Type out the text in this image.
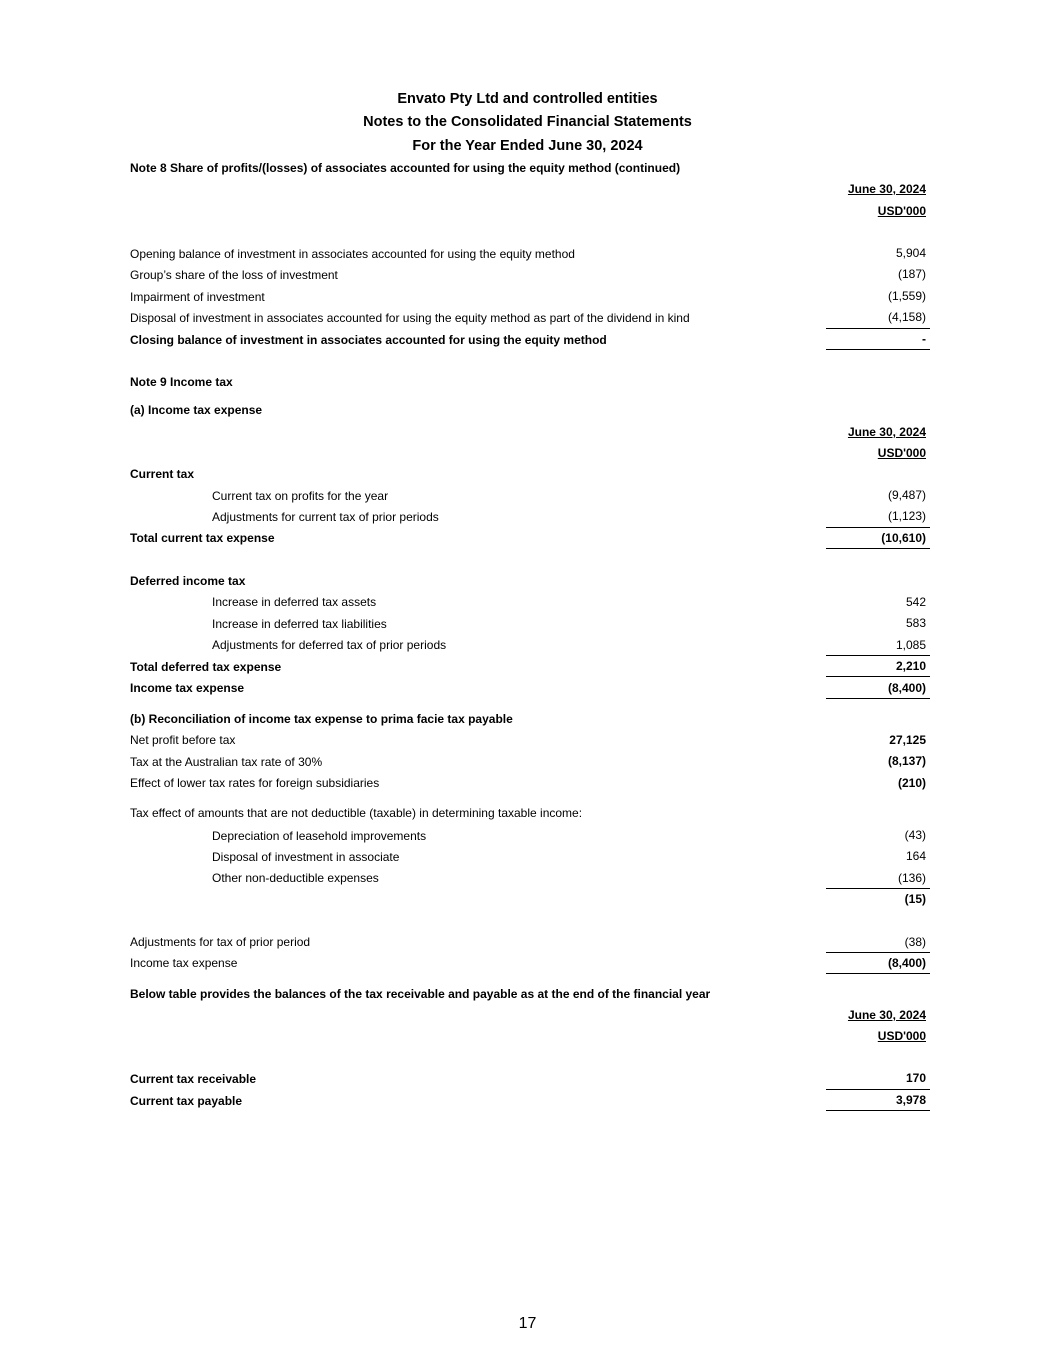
Envato Pty Ltd and controlled entities
Notes to the Consolidated Financial Statements
For the Year Ended June 30, 2024
Note 8 Share of profits/(losses) of associates accounted for using the equity method (continued)
June 30, 2024
USD'000
Opening balance of investment in associates accounted for using the equity method	5,904
Group’s share of the loss of investment	(187)
Impairment of investment	(1,559)
Disposal of investment in associates accounted for using the equity method as part of the dividend in kind	(4,158)
Closing balance of investment in associates accounted for using the equity method	-
Note 9 Income tax
(a) Income tax expense
June 30, 2024
USD'000
Current tax
Current tax on profits for the year	(9,487)
Adjustments for current tax of prior periods	(1,123)
Total current tax expense	(10,610)
Deferred income tax
Increase in deferred tax assets	542
Increase in deferred tax liabilities	583
Adjustments for deferred tax of prior periods	1,085
Total deferred tax expense	2,210
Income tax expense	(8,400)
(b) Reconciliation of income tax expense to prima facie tax payable
Net profit before tax	27,125
Tax at the Australian tax rate of 30%	(8,137)
Effect of lower tax rates for foreign subsidiaries	(210)
Tax effect of amounts that are not deductible (taxable) in determining taxable income:
Depreciation of leasehold improvements	(43)
Disposal of investment in associate	164
Other non-deductible expenses	(136)
(15)
Adjustments for tax of prior period	(38)
Income tax expense	(8,400)
Below table provides the balances of the tax receivable and payable as at the end of the financial year
June 30, 2024
USD'000
Current tax receivable	170
Current tax payable	3,978
17
